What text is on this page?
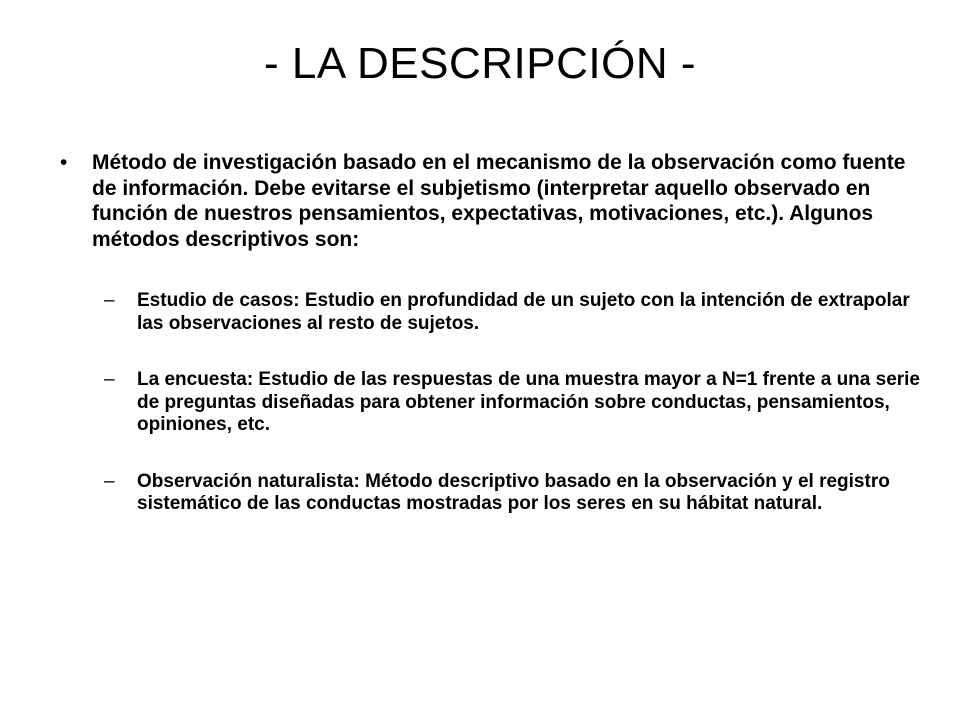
- LA DESCRIPCIÓN -
• Método de investigación basado en el mecanismo de la observación como fuente de información. Debe evitarse el subjetismo (interpretar aquello observado en función de nuestros pensamientos, expectativas, motivaciones, etc.). Algunos métodos descriptivos son:
– Estudio de casos: Estudio en profundidad de un sujeto con la intención de extrapolar las observaciones al resto de sujetos.
– La encuesta: Estudio de las respuestas de una muestra mayor a N=1 frente a una serie de preguntas diseñadas para obtener información sobre conductas, pensamientos, opiniones, etc.
– Observación naturalista: Método descriptivo basado en la observación y el registro sistemático de las conductas mostradas por los seres en su hábitat natural.
